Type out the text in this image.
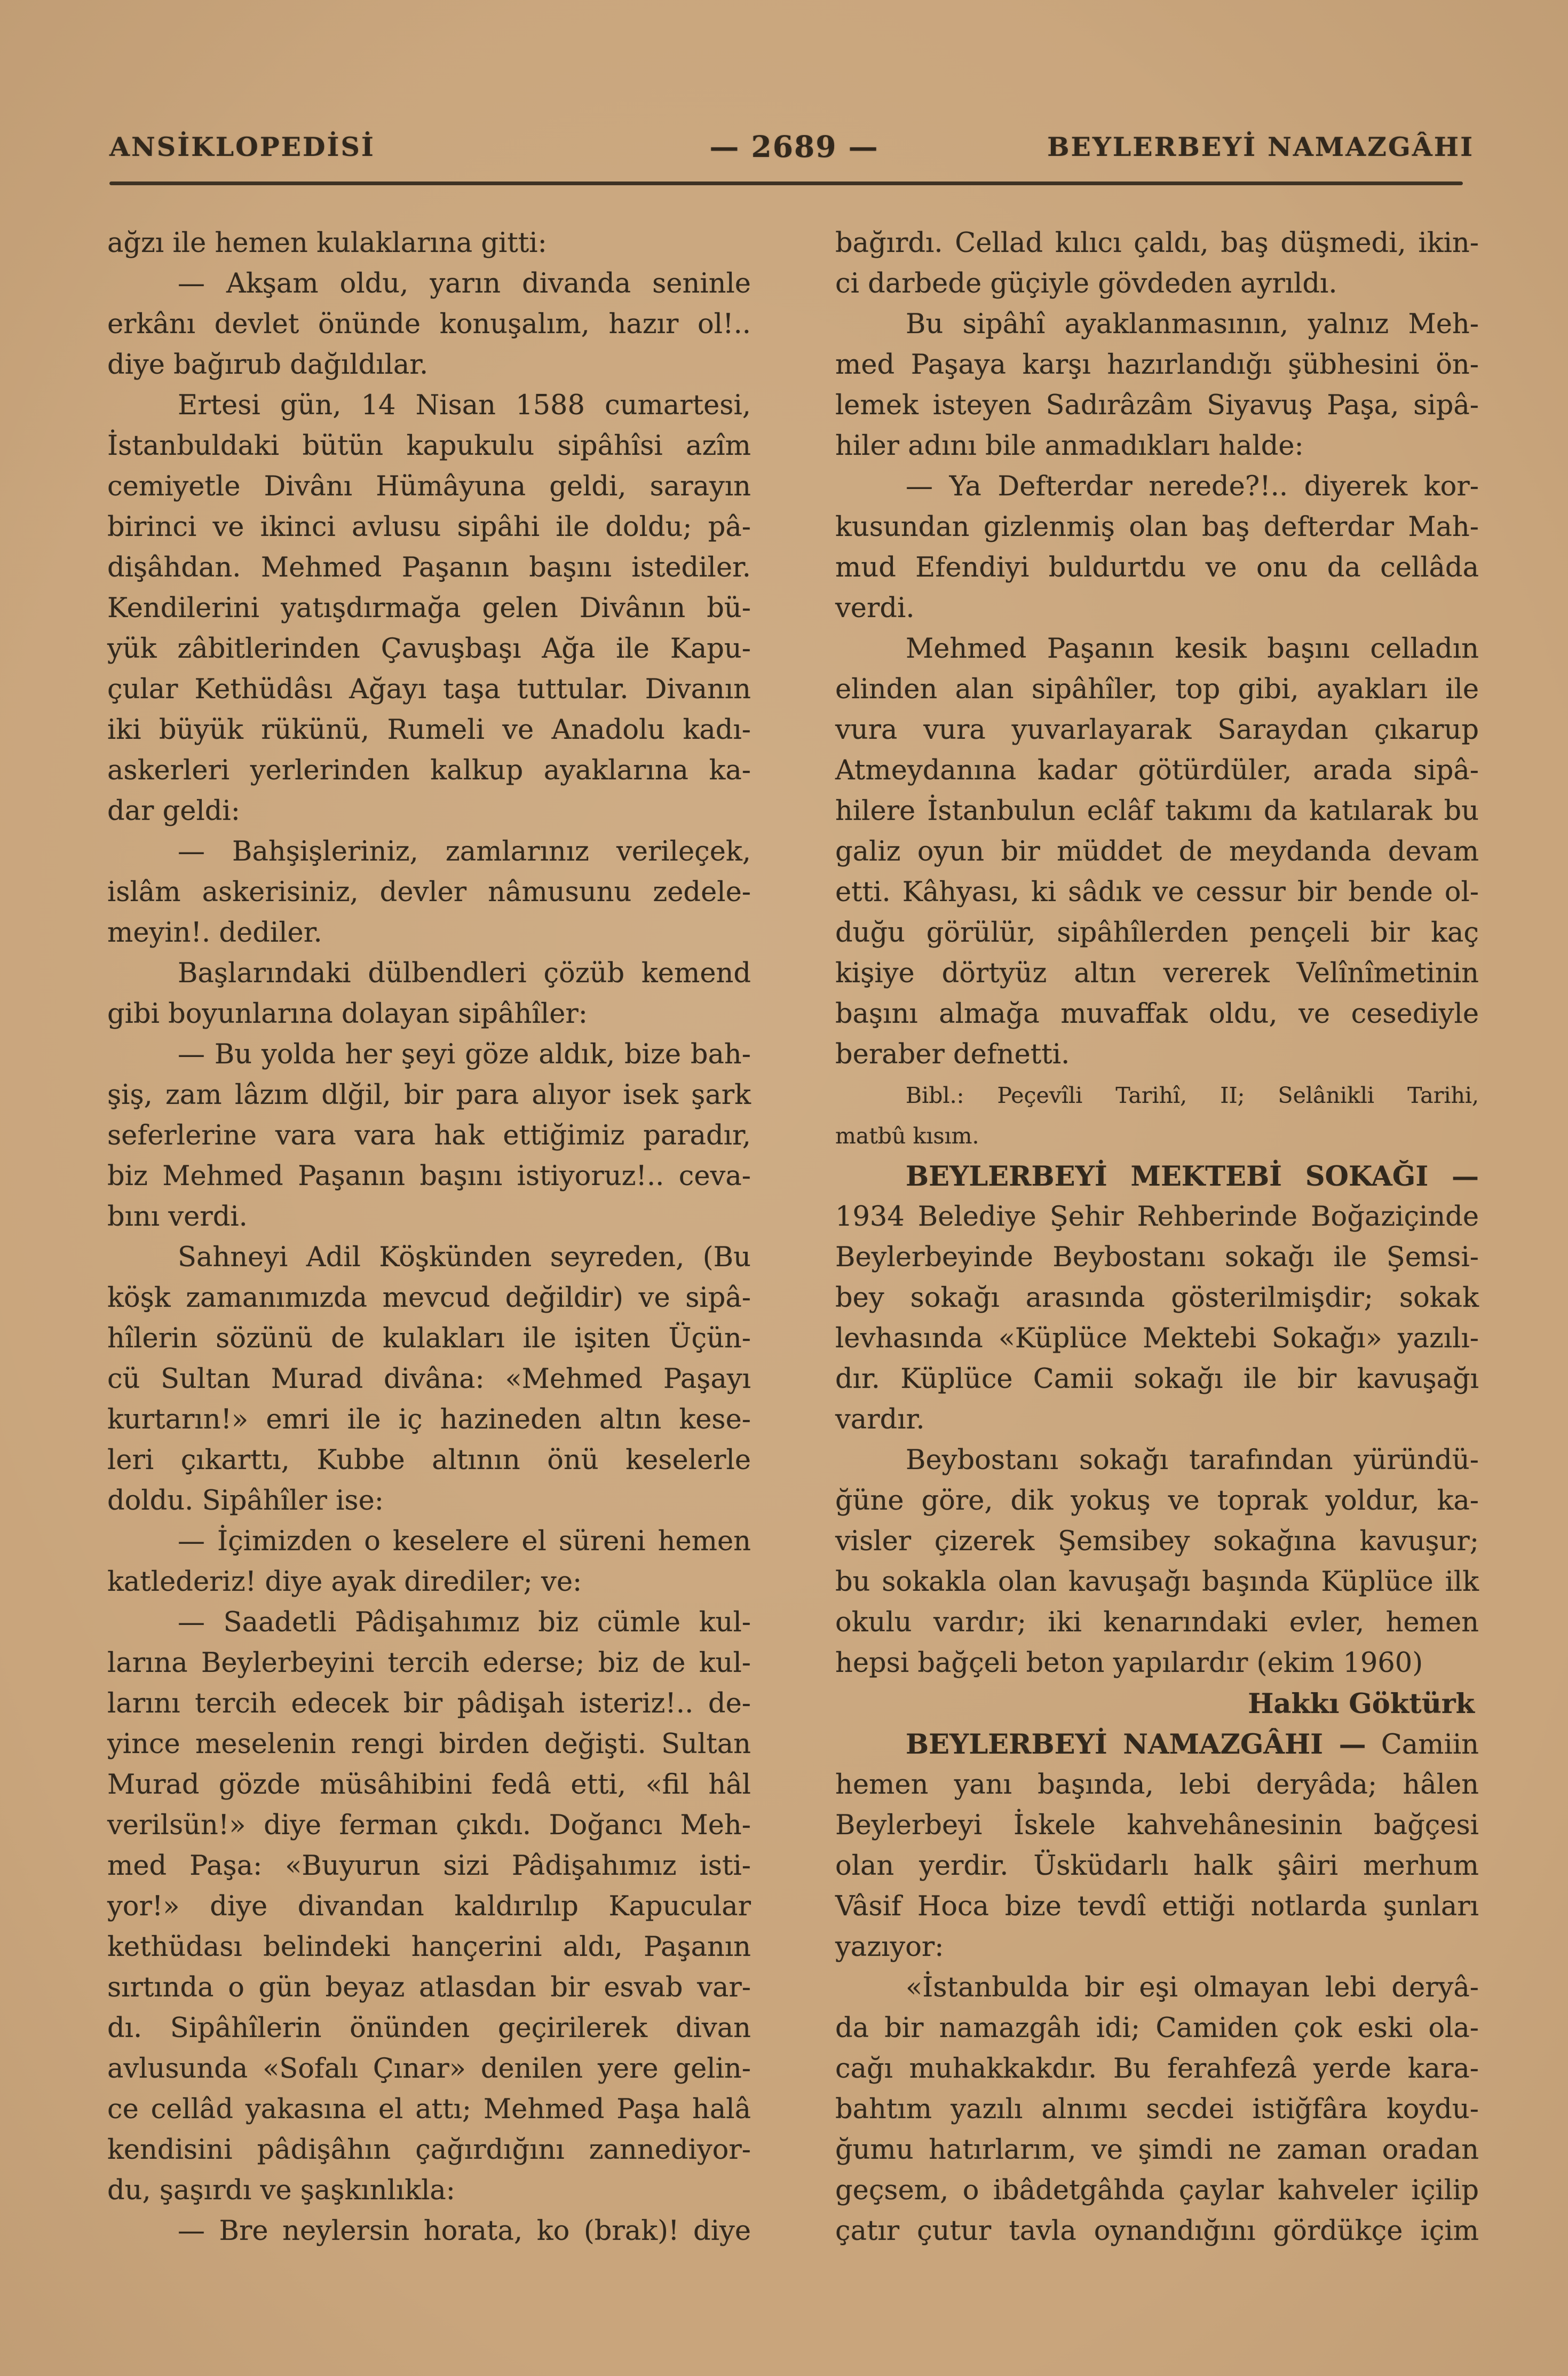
ANSİKLOPEDİSİ	— 2689 —	BEYLERBEYİ NAMAZGÂHI
ağzı ile hemen kulaklarına gitti:
— Akşam oldu, yarın divanda seninle
erkânı devlet önünde konuşalım, hazır ol!..
diye bağırub dağıldılar.
Ertesi gün, 14 Nisan 1588 cumartesi,
İstanbuldaki bütün kapukulu sipâhîsi azîm
cemiyetle Divânı Hümâyuna geldi, sarayın
birinci ve ikinci avlusu sipâhi ile doldu; pâ-
dişâhdan. Mehmed Paşanın başını istediler.
Kendilerini yatışdırmağa gelen Divânın bü-
yük zâbitlerinden Çavuşbaşı Ağa ile Kapu-
çular Kethüdâsı Ağayı taşa tuttular. Divanın
iki büyük rükünü, Rumeli ve Anadolu kadı-
askerleri yerlerinden kalkup ayaklarına ka-
dar geldi:
— Bahşişleriniz, zamlarınız verileçek,
islâm askerisiniz, devler nâmusunu zedele-
meyin!. dediler.
Başlarındaki dülbendleri çözüb kemend
gibi boyunlarına dolayan sipâhîler:
— Bu yolda her şeyi göze aldık, bize bah-
şiş, zam lâzım dlğil, bir para alıyor isek şark
seferlerine vara vara hak ettiğimiz paradır,
biz Mehmed Paşanın başını istiyoruz!.. ceva-
bını verdi.
Sahneyi Adil Köşkünden seyreden, (Bu
köşk zamanımızda mevcud değildir) ve sipâ-
hîlerin sözünü de kulakları ile işiten Üçün-
cü Sultan Murad divâna: «Mehmed Paşayı
kurtarın!» emri ile iç hazineden altın kese-
leri çıkarttı, Kubbe altının önü keselerle
doldu. Sipâhîler ise:
— İçimizden o keselere el süreni hemen
katlederiz! diye ayak dirediler; ve:
— Saadetli Pâdişahımız biz cümle kul-
larına Beylerbeyini tercih ederse; biz de kul-
larını tercih edecek bir pâdişah isteriz!.. de-
yince meselenin rengi birden değişti. Sultan
Murad gözde müsâhibini fedâ etti, «fil hâl
verilsün!» diye ferman çıkdı. Doğancı Meh-
med Paşa: «Buyurun sizi Pâdişahımız isti-
yor!» diye divandan kaldırılıp Kapucular
kethüdası belindeki hançerini aldı, Paşanın
sırtında o gün beyaz atlasdan bir esvab var-
dı. Sipâhîlerin önünden geçirilerek divan
avlusunda «Sofalı Çınar» denilen yere gelin-
ce cellâd yakasına el attı; Mehmed Paşa halâ
kendisini pâdişâhın çağırdığını zannediyor-
du, şaşırdı ve şaşkınlıkla:
— Bre neylersin horata, ko (brak)! diye
bağırdı. Cellad kılıcı çaldı, baş düşmedi, ikin-
ci darbede güçiyle gövdeden ayrıldı.
Bu sipâhî ayaklanmasının, yalnız Meh-
med Paşaya karşı hazırlandığı şübhesini ön-
lemek isteyen Sadırâzâm Siyavuş Paşa, sipâ-
hiler adını bile anmadıkları halde:
— Ya Defterdar nerede?!.. diyerek kor-
kusundan gizlenmiş olan baş defterdar Mah-
mud Efendiyi buldurtdu ve onu da cellâda
verdi.
Mehmed Paşanın kesik başını celladın
elinden alan sipâhîler, top gibi, ayakları ile
vura vura yuvarlayarak Saraydan çıkarup
Atmeydanına kadar götürdüler, arada sipâ-
hilere İstanbulun eclâf takımı da katılarak bu
galiz oyun bir müddet de meydanda devam
etti. Kâhyası, ki sâdık ve cessur bir bende ol-
duğu görülür, sipâhîlerden pençeli bir kaç
kişiye dörtyüz altın vererek Velînîmetinin
başını almağa muvaffak oldu, ve cesediyle
beraber defnetti.
Bibl.: Peçevîli Tarihî, II; Selânikli Tarihi,
matbû kısım.
BEYLERBEYİ MEKTEBİ SOKAĞI —
1934 Belediye Şehir Rehberinde Boğaziçinde
Beylerbeyinde Beybostanı sokağı ile Şemsi-
bey sokağı arasında gösterilmişdir; sokak
levhasında «Küplüce Mektebi Sokağı» yazılı-
dır. Küplüce Camii sokağı ile bir kavuşağı
vardır.
Beybostanı sokağı tarafından yüründü-
ğüne göre, dik yokuş ve toprak yoldur, ka-
visler çizerek Şemsibey sokağına kavuşur;
bu sokakla olan kavuşağı başında Küplüce ilk
okulu vardır; iki kenarındaki evler, hemen
hepsi bağçeli beton yapılardır (ekim 1960)
Hakkı Göktürk
BEYLERBEYİ NAMAZGÂHI — Camiin
hemen yanı başında, lebi deryâda; hâlen
Beylerbeyi İskele kahvehânesinin bağçesi
olan yerdir. Üsküdarlı halk şâiri merhum
Vâsif Hoca bize tevdî ettiği notlarda şunları
yazıyor:
«İstanbulda bir eşi olmayan lebi deryâ-
da bir namazgâh idi; Camiden çok eski ola-
cağı muhakkakdır. Bu ferahfezâ yerde kara-
bahtım yazılı alnımı secdei istiğfâra koydu-
ğumu hatırlarım, ve şimdi ne zaman oradan
geçsem, o ibâdetgâhda çaylar kahveler içilip
çatır çutur tavla oynandığını gördükçe içim
